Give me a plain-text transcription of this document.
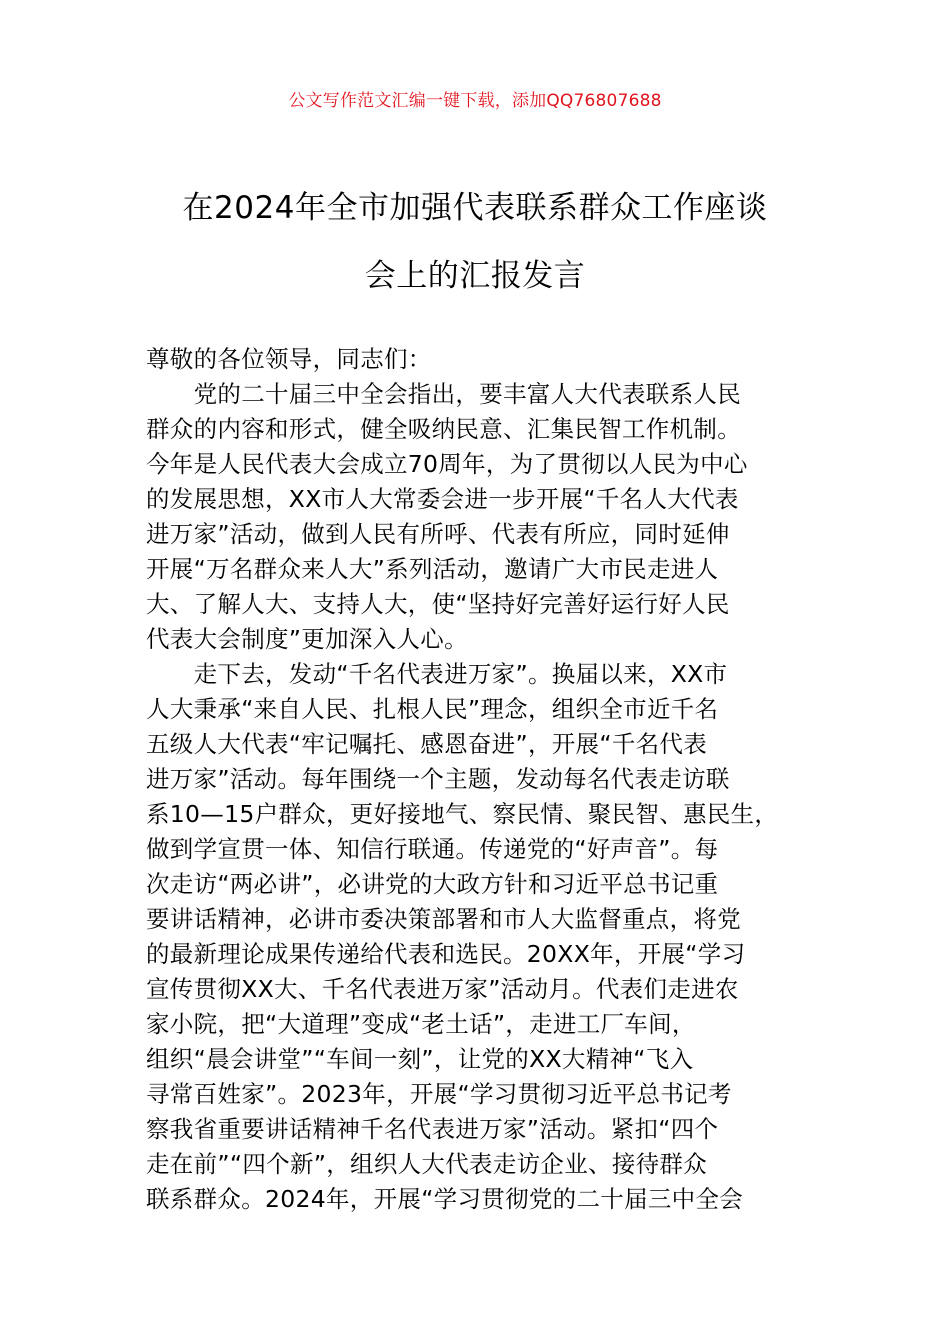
公文写作范文汇编一键下载，添加QQ76807688
在2024年全市加强代表联系群众工作座谈
会上的汇报发言
尊敬的各位领导，同志们：
　　党的二十届三中全会指出，要丰富人大代表联系人民
群众的内容和形式，健全吸纳民意、汇集民智工作机制。
今年是人民代表大会成立70周年，为了贯彻以人民为中心
的发展思想，XX市人大常委会进一步开展“千名人大代表
进万家”活动，做到人民有所呼、代表有所应，同时延伸
开展“万名群众来人大”系列活动，邀请广大市民走进人
大、了解人大、支持人大，使“坚持好完善好运行好人民
代表大会制度”更加深入人心。
　　走下去，发动“千名代表进万家”。换届以来，XX市
人大秉承“来自人民、扎根人民”理念，组织全市近千名
五级人大代表“牢记嘱托、感恩奋进”，开展“千名代表
进万家”活动。每年围绕一个主题，发动每名代表走访联
系10—15户群众，更好接地气、察民情、聚民智、惠民生，
做到学宣贯一体、知信行联通。传递党的“好声音”。每
次走访“两必讲”，必讲党的大政方针和习近平总书记重
要讲话精神，必讲市委决策部署和市人大监督重点，将党
的最新理论成果传递给代表和选民。20XX年，开展“学习
宣传贯彻XX大、千名代表进万家”活动月。代表们走进农
家小院，把“大道理”变成“老土话”，走进工厂车间，
组织“晨会讲堂”“车间一刻”，让党的XX大精神“飞入
寻常百姓家”。2023年，开展“学习贯彻习近平总书记考
察我省重要讲话精神千名代表进万家”活动。紧扣“四个
走在前”“四个新”，组织人大代表走访企业、接待群众
联系群众。2024年，开展“学习贯彻党的二十届三中全会
